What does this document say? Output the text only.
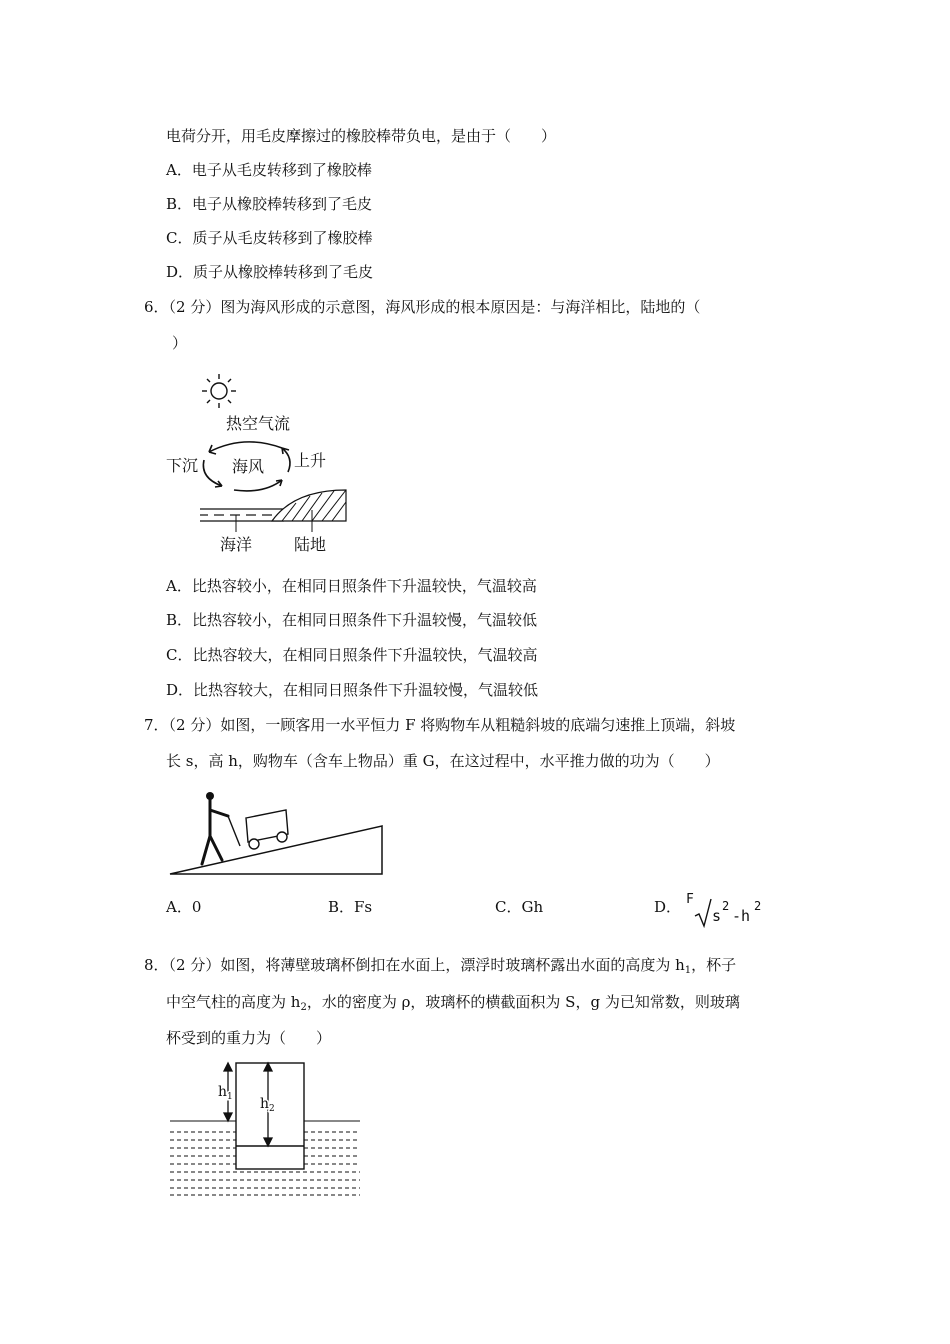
电荷分开，用毛皮摩擦过的橡胶棒带负电，是由于（　　）
A．电子从毛皮转移到了橡胶棒
B．电子从橡胶棒转移到了毛皮
C．质子从毛皮转移到了橡胶棒
D．质子从橡胶棒转移到了毛皮
6．（2 分）图为海风形成的示意图，海风形成的根本原因是：与海洋相比，陆地的（
）
热空气流
下沉 海风 上升
海洋	陆地
A．比热容较小，在相同日照条件下升温较快，气温较高
B．比热容较小，在相同日照条件下升温较慢，气温较低
C．比热容较大，在相同日照条件下升温较快，气温较高
D．比热容较大，在相同日照条件下升温较慢，气温较低
7．（2 分）如图，一顾客用一水平恒力 F 将购物车从粗糙斜坡的底端匀速推上顶端，斜坡
长 s，高 h，购物车（含车上物品）重 G，在这过程中，水平推力做的功为（　　）
A．0	B．Fs	C．Gh	D． F
s
2
-h
2
8．（2 分）如图，将薄壁玻璃杯倒扣在水面上，漂浮时玻璃杯露出水面的高度为 $h_1$，杯子
中空气柱的高度为 $h_2$，水的密度为 ρ，玻璃杯的横截面积为 S，g 为已知常数，则玻璃
杯受到的重力为（　　）
$h_1$ $h_2$
